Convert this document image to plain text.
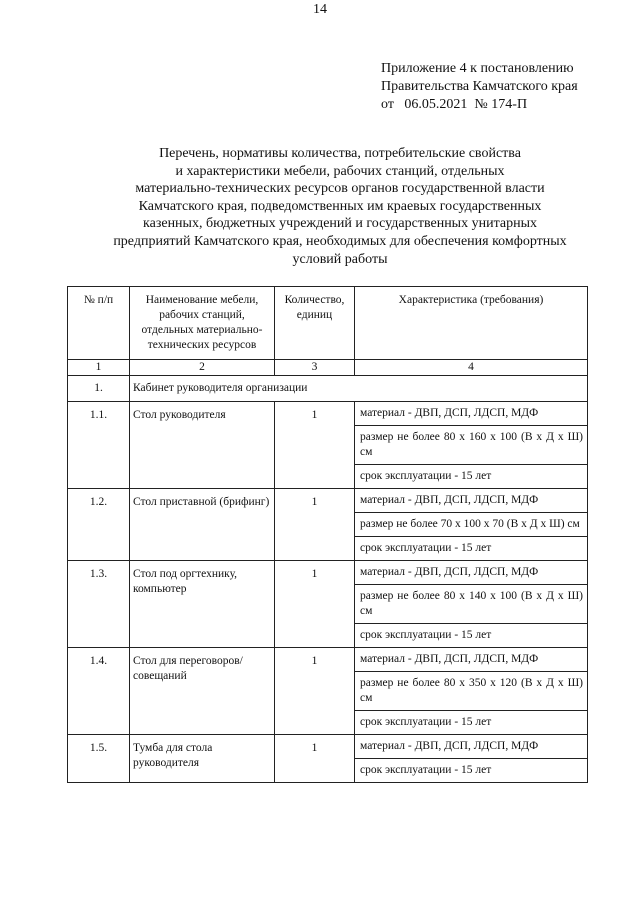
14
Приложение 4 к постановлению
Правительства Камчатского края
от   06.05.2021  № 174-П
Перечень, нормативы количества, потребительские свойства
и характеристики мебели, рабочих станций, отдельных
материально-технических ресурсов органов государственной власти
Камчатского края, подведомственных им краевых государственных
казенных, бюджетных учреждений и государственных унитарных
предприятий Камчатского края, необходимых для обеспечения комфортных
условий работы
№ п/п	Наименование мебели, рабочих станций, отдельных материально-технических ресурсов	Количество, единиц	Характеристика (требования)
1	2	3	4
1.	Кабинет руководителя организации		
1.1.	Стол руководителя	1	материал - ДВП, ДСП, ЛДСП, МДФ
			размер не более 80 х 160 х 100 (В х Д х Ш) см
			срок эксплуатации - 15 лет
1.2.	Стол приставной (брифинг)	1	материал - ДВП, ДСП, ЛДСП, МДФ
			размер не более 70 х 100 х 70 (В х Д х Ш) см
			срок эксплуатации - 15 лет
1.3.	Стол под оргтехнику, компьютер	1	материал - ДВП, ДСП, ЛДСП, МДФ
			размер не более 80 х 140 х 100 (В х Д х Ш) см
			срок эксплуатации - 15 лет
1.4.	Стол для переговоров/совещаний	1	материал - ДВП, ДСП, ЛДСП, МДФ
			размер не более 80 х 350 х 120 (В х Д х Ш) см
			срок эксплуатации - 15 лет
1.5.	Тумба для стола руководителя	1	материал - ДВП, ДСП, ЛДСП, МДФ
			срок эксплуатации - 15 лет
